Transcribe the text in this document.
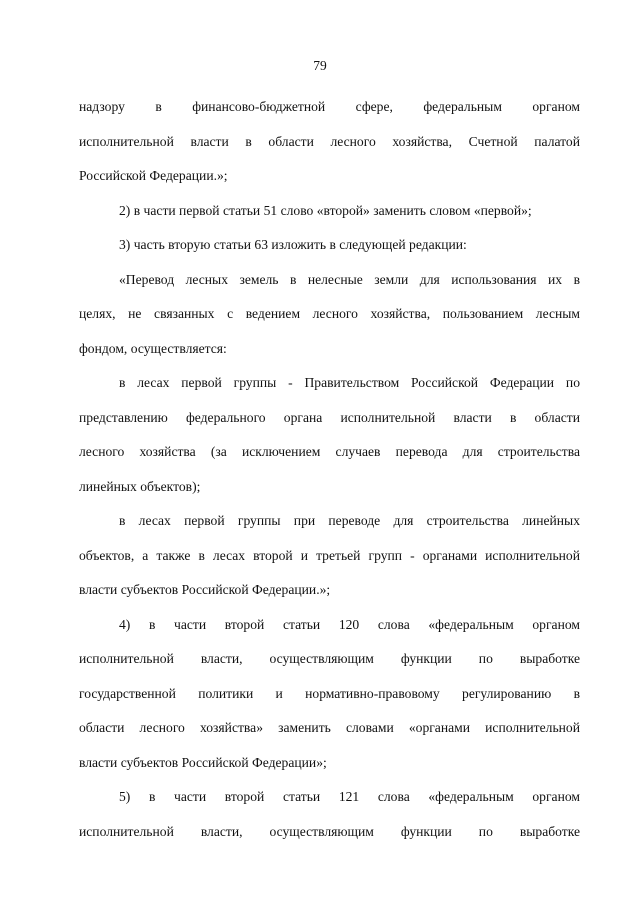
79
надзору в финансово-бюджетной сфере, федеральным органом
исполнительной власти в области лесного хозяйства, Счетной палатой
Российской Федерации.»;
2) в части первой статьи 51 слово «второй» заменить словом «первой»;
3) часть вторую статьи 63 изложить в следующей редакции:
«Перевод лесных земель в нелесные земли для использования их в
целях, не связанных с ведением лесного хозяйства, пользованием лесным
фондом, осуществляется:
в лесах первой группы - Правительством Российской Федерации по
представлению федерального органа исполнительной власти в области
лесного хозяйства (за исключением случаев перевода для строительства
линейных объектов);
в лесах первой группы при переводе для строительства линейных
объектов, а также в лесах второй и третьей групп - органами исполнительной
власти субъектов Российской Федерации.»;
4) в части второй статьи 120 слова «федеральным органом
исполнительной власти, осуществляющим функции по выработке
государственной политики и нормативно-правовому регулированию в
области лесного хозяйства» заменить словами «органами исполнительной
власти субъектов Российской Федерации»;
5) в части второй статьи 121 слова «федеральным органом
исполнительной власти, осуществляющим функции по выработке
